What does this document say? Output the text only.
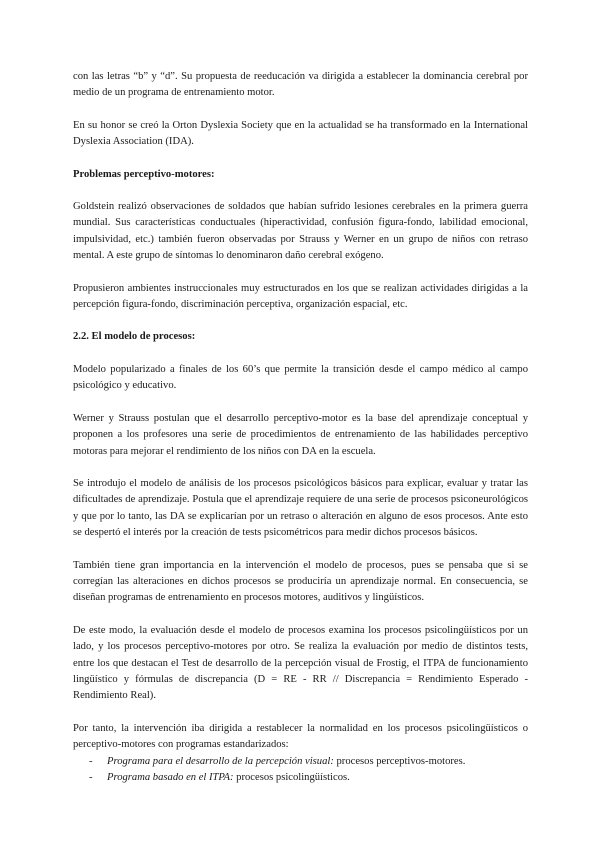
con las letras “b” y “d”. Su propuesta de reeducación va dirigida a establecer la dominancia cerebral por medio de un programa de entrenamiento motor.

En su honor se creó la Orton Dyslexia Society que en la actualidad se ha transformado en la International Dyslexia Association (IDA).

Problemas perceptivo-motores:

Goldstein realizó observaciones de soldados que habían sufrido lesiones cerebrales en la primera guerra mundial. Sus características conductuales (hiperactividad, confusión figura-fondo, labilidad emocional, impulsividad, etc.) también fueron observadas por Strauss y Werner en un grupo de niños con retraso mental. A este grupo de síntomas lo denominaron daño cerebral exógeno.

Propusieron ambientes instruccionales muy estructurados en los que se realizan actividades dirigidas a la percepción figura-fondo, discriminación perceptiva, organización espacial, etc.

2.2. El modelo de procesos:

Modelo popularizado a finales de los 60’s que permite la transición desde el campo médico al campo psicológico y educativo.

Werner y Strauss postulan que el desarrollo perceptivo-motor es la base del aprendizaje conceptual y proponen a los profesores una serie de procedimientos de entrenamiento de las habilidades perceptivo motoras para mejorar el rendimiento de los niños con DA en la escuela.

Se introdujo el modelo de análisis de los procesos psicológicos básicos para explicar, evaluar y tratar las dificultades de aprendizaje. Postula que el aprendizaje requiere de una serie de procesos psiconeurológicos y que por lo tanto, las DA se explicarían por un retraso o alteración en alguno de esos procesos. Ante esto se despertó el interés por la creación de tests psicométricos para medir dichos procesos básicos.

También tiene gran importancia en la intervención el modelo de procesos, pues se pensaba que si se corregían las alteraciones en dichos procesos se produciría un aprendizaje normal. En consecuencia, se diseñan programas de entrenamiento en procesos motores, auditivos y lingüísticos.

De este modo, la evaluación desde el modelo de procesos examina los procesos psicolingüísticos por un lado, y los procesos perceptivo-motores por otro. Se realiza la evaluación por medio de distintos tests, entre los que destacan el Test de desarrollo de la percepción visual de Frostig, el ITPA de funcionamiento lingüístico y fórmulas de discrepancia (D = RE - RR // Discrepancia = Rendimiento Esperado - Rendimiento Real).

Por tanto, la intervención iba dirigida a restablecer la normalidad en los procesos psicolingüísticos o perceptivo-motores con programas estandarizados:

-	Programa para el desarrollo de la percepción visual: procesos perceptivos-motores.
-	Programa basado en el ITPA: procesos psicolingüísticos.
